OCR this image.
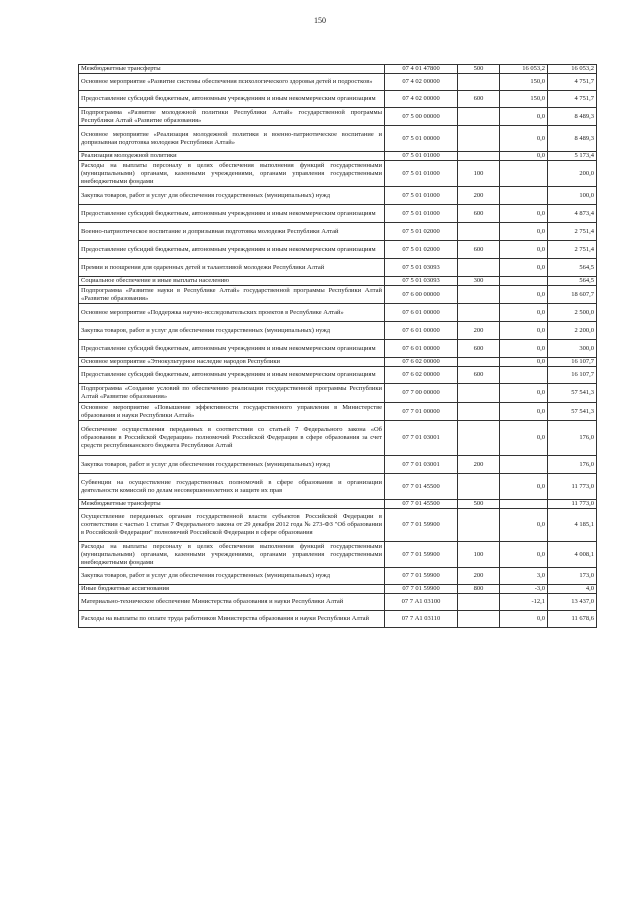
150
Межбюджетные трансферты	07 4 01 47800	500	16 053,2	16 053,2
Основное мероприятие «Развитие системы обеспечения психологического здоровья детей и подростков»	07 4 02 00000		150,0	4 751,7
Предоставление субсидий бюджетным, автономным учреждениям и иным некоммерческим организациям	07 4 02 00000	600	150,0	4 751,7
Подпрограмма «Развитие молодежной политики Республики Алтай» государственной программы Республики Алтай «Развитие образования»	07 5 00 00000		0,0	8 489,3
Основное мероприятие «Реализация молодежной политики и военно-патриотическое воспитание и допризывная подготовка молодежи Республики Алтай»	07 5 01 00000		0,0	8 489,3
Реализация молодежной политики	07 5 01 01000		0,0	5 173,4
Расходы на выплаты персоналу в целях обеспечения выполнения функций государственными (муниципальными) органами, казенными учреждениями, органами управления государственными внебюджетными фондами	07 5 01 01000	100		200,0
Закупка товаров, работ и услуг для обеспечения государственных (муниципальных) нужд	07 5 01 01000	200		100,0
Предоставление субсидий бюджетным, автономным учреждениям и иным некоммерческим организациям	07 5 01 01000	600	0,0	4 873,4
Военно-патриотическое воспитание и допризывная подготовка молодежи Республики Алтай	07 5 01 02000		0,0	2 751,4
Предоставление субсидий бюджетным, автономным учреждениям и иным некоммерческим организациям	07 5 01 02000	600	0,0	2 751,4
Премии и поощрения для одаренных детей и талантливой молодежи Республики Алтай	07 5 01 03093		0,0	564,5
Социальное обеспечение и иные выплаты населению	07 5 01 03093	300		564,5
Подпрограмма «Развитие науки в Республике Алтай» государственной программы Республики Алтай «Развитие образования»	07 6 00 00000		0,0	18 607,7
Основное мероприятие «Поддержка научно-исследовательских проектов в Республике Алтай»	07 6 01 00000		0,0	2 500,0
Закупка товаров, работ и услуг для обеспечения государственных (муниципальных) нужд	07 6 01 00000	200	0,0	2 200,0
Предоставление субсидий бюджетным, автономным учреждениям и иным некоммерческим организациям	07 6 01 00000	600	0,0	300,0
Основное мероприятие «Этнокультурное наследие народов Республики	07 6 02 00000		0,0	16 107,7
Предоставление субсидий бюджетным, автономным учреждениям и иным некоммерческим организациям	07 6 02 00000	600		16 107,7
Подпрограмма «Создание условий по обеспечению реализации государственной программы Республики Алтай «Развитие образования»	07 7 00 00000		0,0	57 541,3
Основное мероприятие «Повышение эффективности государственного управления в Министерстве образования и науки Республики Алтай»	07 7 01 00000		0,0	57 541,3
Обеспечение осуществления переданных в соответствии со статьей 7 Федерального закона «Об образовании в Российской Федерации» полномочий Российской Федерации в сфере образования за счет средств республиканского бюджета Республики Алтай	07 7 01 03001		0,0	176,0
Закупка товаров, работ и услуг для обеспечения государственных (муниципальных) нужд	07 7 01 03001	200		176,0
Субвенции на осуществление государственных полномочий в сфере образования и организации деятельности комиссий по делам несовершеннолетних и защите их прав	07 7 01 45500		0,0	11 773,0
Межбюджетные трансферты	07 7 01 45500	500		11 773,0
Осуществление переданных органам государственной власти субъектов Российской Федерации в соответствии с частью 1 статьи 7 Федерального закона от 29 декабря 2012 года № 273-ФЗ "Об образовании в Российской Федерации" полномочий Российской Федерации в сфере образования	07 7 01 59900		0,0	4 185,1
Расходы на выплаты персоналу в целях обеспечения выполнения функций государственными (муниципальными) органами, казенными учреждениями, органами управления государственными внебюджетными фондами	07 7 01 59900	100	0,0	4 008,1
Закупка товаров, работ и услуг для обеспечения государственных (муниципальных) нужд	07 7 01 59900	200	3,0	173,0
Иные бюджетные ассигнования	07 7 01 59900	800	-3,0	4,0
Материально-техническое обеспечение Министерства образования и науки Республики Алтай	07 7 А1 03100		-12,1	13 437,0
Расходы на выплаты по оплате труда работников Министерства образования и науки Республики Алтай	07 7 А1 03110		0,0	11 678,6
